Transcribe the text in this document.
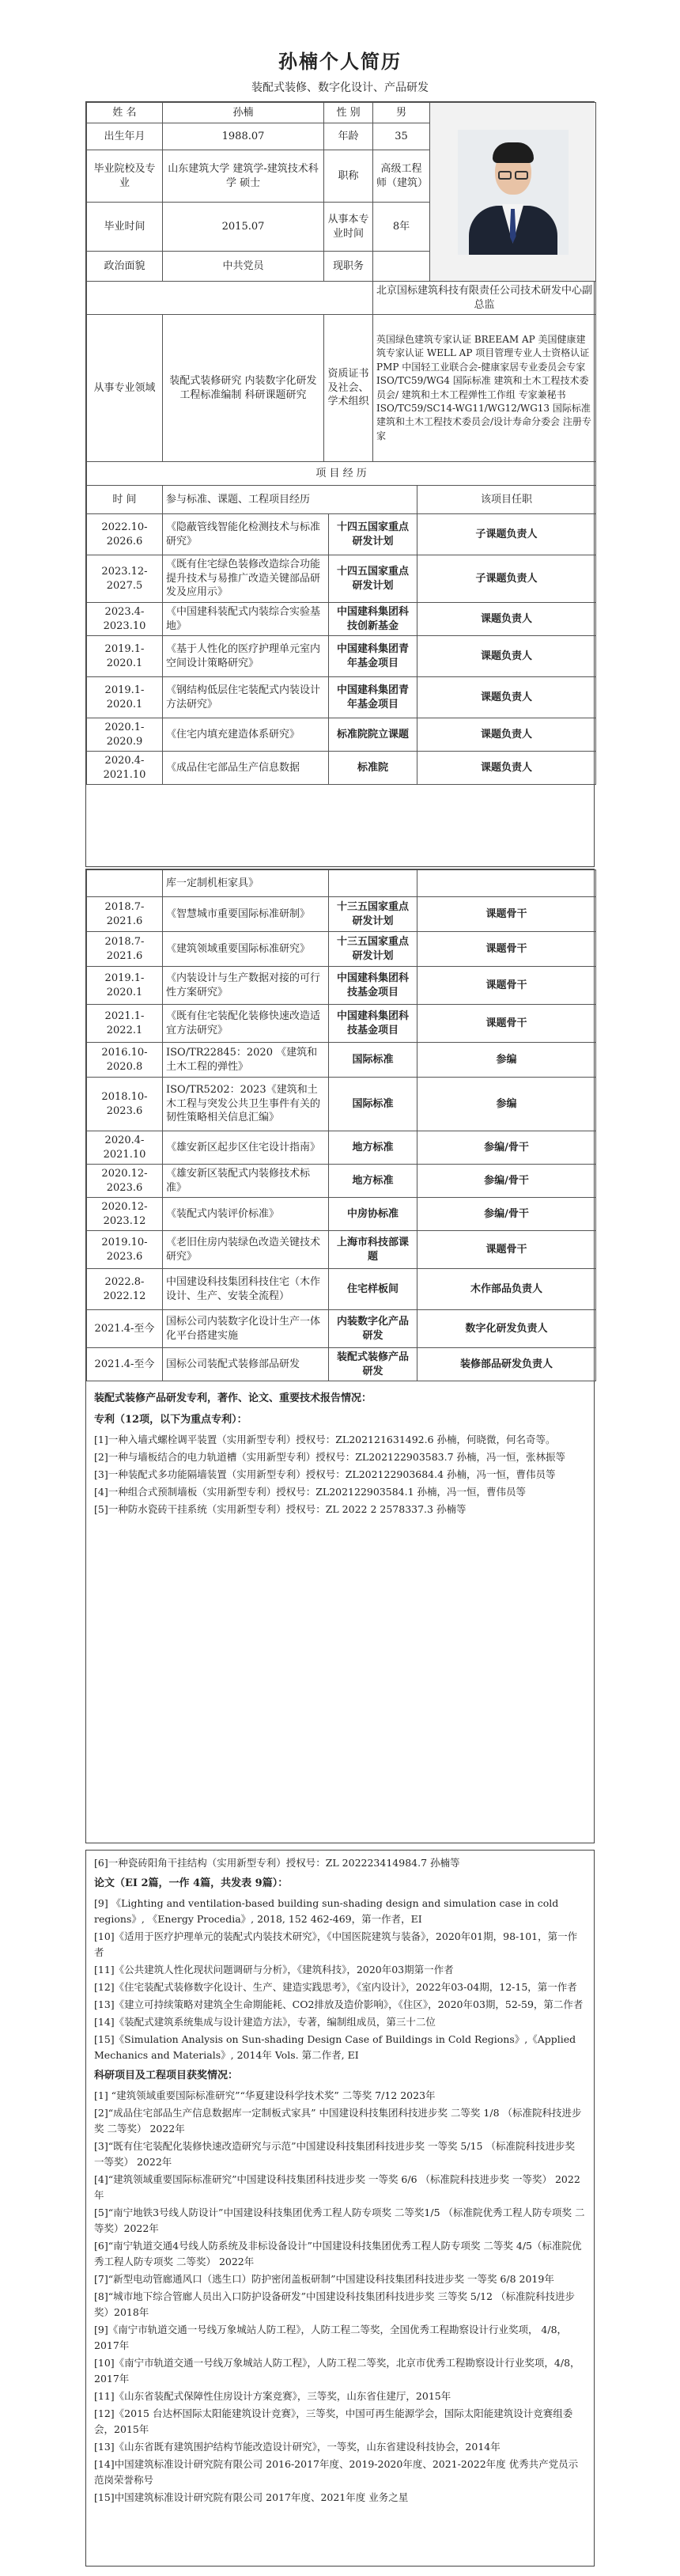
孙楠个人简历
装配式装修、数字化设计、产品研发
姓 名	孙楠	性 别	男	

出生年月	1988.07	年龄	35	
毕业院校及专业	山东建筑大学 建筑学-建筑技术科学 硕士	职称	高级工程师（建筑）	
毕业时间	2015.07	从事本专业时间	8年	
政治面貌	中共党员	现职务	
			北京国标建筑科技有限责任公司技术研发中心副总监
从事专业领域	装配式装修研究 内装数字化研发 工程标准编制 科研课题研究	资质证书及社会、学术组织	英国绿色建筑专家认证 BREEAM AP 美国健康建筑专家认证 WELL AP 项目管理专业人士资格认证 PMP 中国轻工业联合会-健康家居专业委员会专家 ISO/TC59/WG4 国际标准 建筑和土木工程技术委员会/ 建筑和土木工程弹性工作组 专家兼秘书 ISO/TC59/SC14-WG11/WG12/WG13 国际标准 建筑和土木工程技术委员会/设计寿命分委会 注册专家
项 目 经 历			
时 间	参与标准、课题、工程项目经历		该项目任职
2022.10-2026.6	《隐蔽管线智能化检测技术与标准研究》	十四五国家重点研发计划	子课题负责人
2023.12-2027.5	《既有住宅绿色装修改造综合功能提升技术与易推广改造关键部品研发及应用示》	十四五国家重点研发计划	子课题负责人
2023.4-2023.10	《中国建科装配式内装综合实验基地》	中国建科集团科技创新基金	课题负责人
2019.1-2020.1	《基于人性化的医疗护理单元室内空间设计策略研究》	中国建科集团青年基金项目	课题负责人
2019.1-2020.1	《钢结构低层住宅装配式内装设计方法研究》	中国建科集团青年基金项目	课题负责人
2020.1-2020.9	《住宅内填充建造体系研究》	标准院院立课题	课题负责人
2020.4-2021.10	《成品住宅部品生产信息数据	标准院	课题负责人
	库一定制机柜家具》		
2018.7-2021.6	《智慧城市重要国际标准研制》	十三五国家重点研发计划	课题骨干
2018.7-2021.6	《建筑领域重要国际标准研究》	十三五国家重点研发计划	课题骨干
2019.1-2020.1	《内装设计与生产数据对接的可行性方案研究》	中国建科集团科技基金项目	课题骨干
2021.1-2022.1	《既有住宅装配化装修快速改造适宜方法研究》	中国建科集团科技基金项目	课题骨干
2016.10-2020.8	ISO/TR22845：2020 《建筑和土木工程的弹性》	国际标准	参编
2018.10-2023.6	ISO/TR5202：2023《建筑和土木工程与突发公共卫生事件有关的韧性策略相关信息汇编》	国际标准	参编
2020.4-2021.10	《雄安新区起步区住宅设计指南》	地方标准	参编/骨干
2020.12-2023.6	《雄安新区装配式内装修技术标准》	地方标准	参编/骨干
2020.12-2023.12	《装配式内装评价标准》	中房协标准	参编/骨干
2019.10-2023.6	《老旧住房内装绿色改造关键技术研究》	上海市科技部课题	课题骨干
2022.8-2022.12	中国建设科技集团科技住宅（木作设计、生产、安装全流程）	住宅样板间	木作部品负责人
2021.4-至今	国标公司内装数字化设计生产一体化平台搭建实施	内装数字化产品研发	数字化研发负责人
2021.4-至今	国标公司装配式装修部品研发	装配式装修产品研发	装修部品研发负责人
装配式装修产品研发专利，著作、论文、重要技术报告情况：
专利（12项，以下为重点专利）：
[1]一种入墙式螺栓调平装置（实用新型专利）授权号：ZL202121631492.6 孙楠，何晓微，何名奇等。
[2]一种与墙板结合的电力轨道槽（实用新型专利）授权号：ZL202122903583.7 孙楠，冯一恒，张林振等
[3]一种装配式多功能隔墙装置（实用新型专利）授权号：ZL202122903684.4 孙楠，冯一恒，曹伟员等
[4]一种组合式预制墙板（实用新型专利）授权号：ZL202122903584.1 孙楠，冯一恒，曹伟员等
[5]一种防水瓷砖干挂系统（实用新型专利）授权号：ZL 2022 2 2578337.3 孙楠等
[6]一种瓷砖阳角干挂结构（实用新型专利）授权号：ZL 202223414984.7 孙楠等
论文（EI 2篇，一作 4篇，共发表 9篇）：
[9] 《Lighting and ventilation-based building sun-shading design and simulation case in cold regions》, 《Energy Procedia》, 2018, 152 462-469，第一作者，EI
[10]《适用于医疗护理单元的装配式内装技术研究》，《中国医院建筑与装备》，2020年01期，98-101，第一作者
[11]《公共建筑人性化现状问题调研与分析》，《建筑科技》，2020年03期第一作者
[12]《住宅装配式装修数字化设计、生产、建造实践思考》，《室内设计》，2022年03-04期，12-15，第一作者
[13]《建立可持续策略对建筑全生命期能耗、CO2排放及造价影响》，《住区》，2020年03期，52-59，第二作者
[14]《装配式建筑系统集成与设计建造方法》，专著，编制组成员，第三十二位
[15]《Simulation Analysis on Sun-shading Design Case of Buildings in Cold Regions》,《Applied Mechanics and Materials》, 2014年 Vols. 第二作者, EI
科研项目及工程项目获奖情况：
[1] “建筑领域重要国际标准研究”“华夏建设科学技术奖” 二等奖 7/12 2023年
[2]“成品住宅部品生产信息数据库一定制板式家具” 中国建设科技集团科技进步奖 二等奖 1/8 （标准院科技进步奖 二等奖） 2022年
[3]“既有住宅装配化装修快速改造研究与示范”中国建设科技集团科技进步奖 一等奖 5/15 （标准院科技进步奖 一等奖） 2022年
[4]“建筑领域重要国际标准研究”中国建设科技集团科技进步奖 一等奖 6/6 （标准院科技进步奖 一等奖） 2022年
[5]“南宁地铁3号线人防设计”中国建设科技集团优秀工程人防专项奖 二等奖1/5 （标准院优秀工程人防专项奖 二等奖）2022年
[6]“南宁轨道交通4号线人防系统及非标设备设计”中国建设科技集团优秀工程人防专项奖 二等奖 4/5（标准院优秀工程人防专项奖 二等奖） 2022年
[7]“新型电动管廊通风口（逃生口）防护密闭盖板研制”中国建设科技集团科技进步奖 一等奖 6/8 2019年
[8]“城市地下综合管廊人员出入口防护设备研发”中国建设科技集团科技进步奖 三等奖 5/12 （标准院科技进步奖）2018年
[9]《南宁市轨道交通一号线万象城站人防工程》，人防工程二等奖，全国优秀工程勘察设计行业奖项， 4/8，2017年
[10]《南宁市轨道交通一号线万象城站人防工程》，人防工程二等奖，北京市优秀工程勘察设计行业奖项，4/8，2017年
[11]《山东省装配式保障性住房设计方案竞赛》，三等奖，山东省住建厅，2015年
[12]《2015 台达杯国际太阳能建筑设计竞赛》，三等奖，中国可再生能源学会，国际太阳能建筑设计竞赛组委会，2015年
[13]《山东省既有建筑围护结构节能改造设计研究》，一等奖，山东省建设科技协会，2014年
[14]中国建筑标准设计研究院有限公司 2016-2017年度、2019-2020年度、2021-2022年度 优秀共产党员示范岗荣誉称号
[15]中国建筑标准设计研究院有限公司 2017年度、2021年度 业务之星
